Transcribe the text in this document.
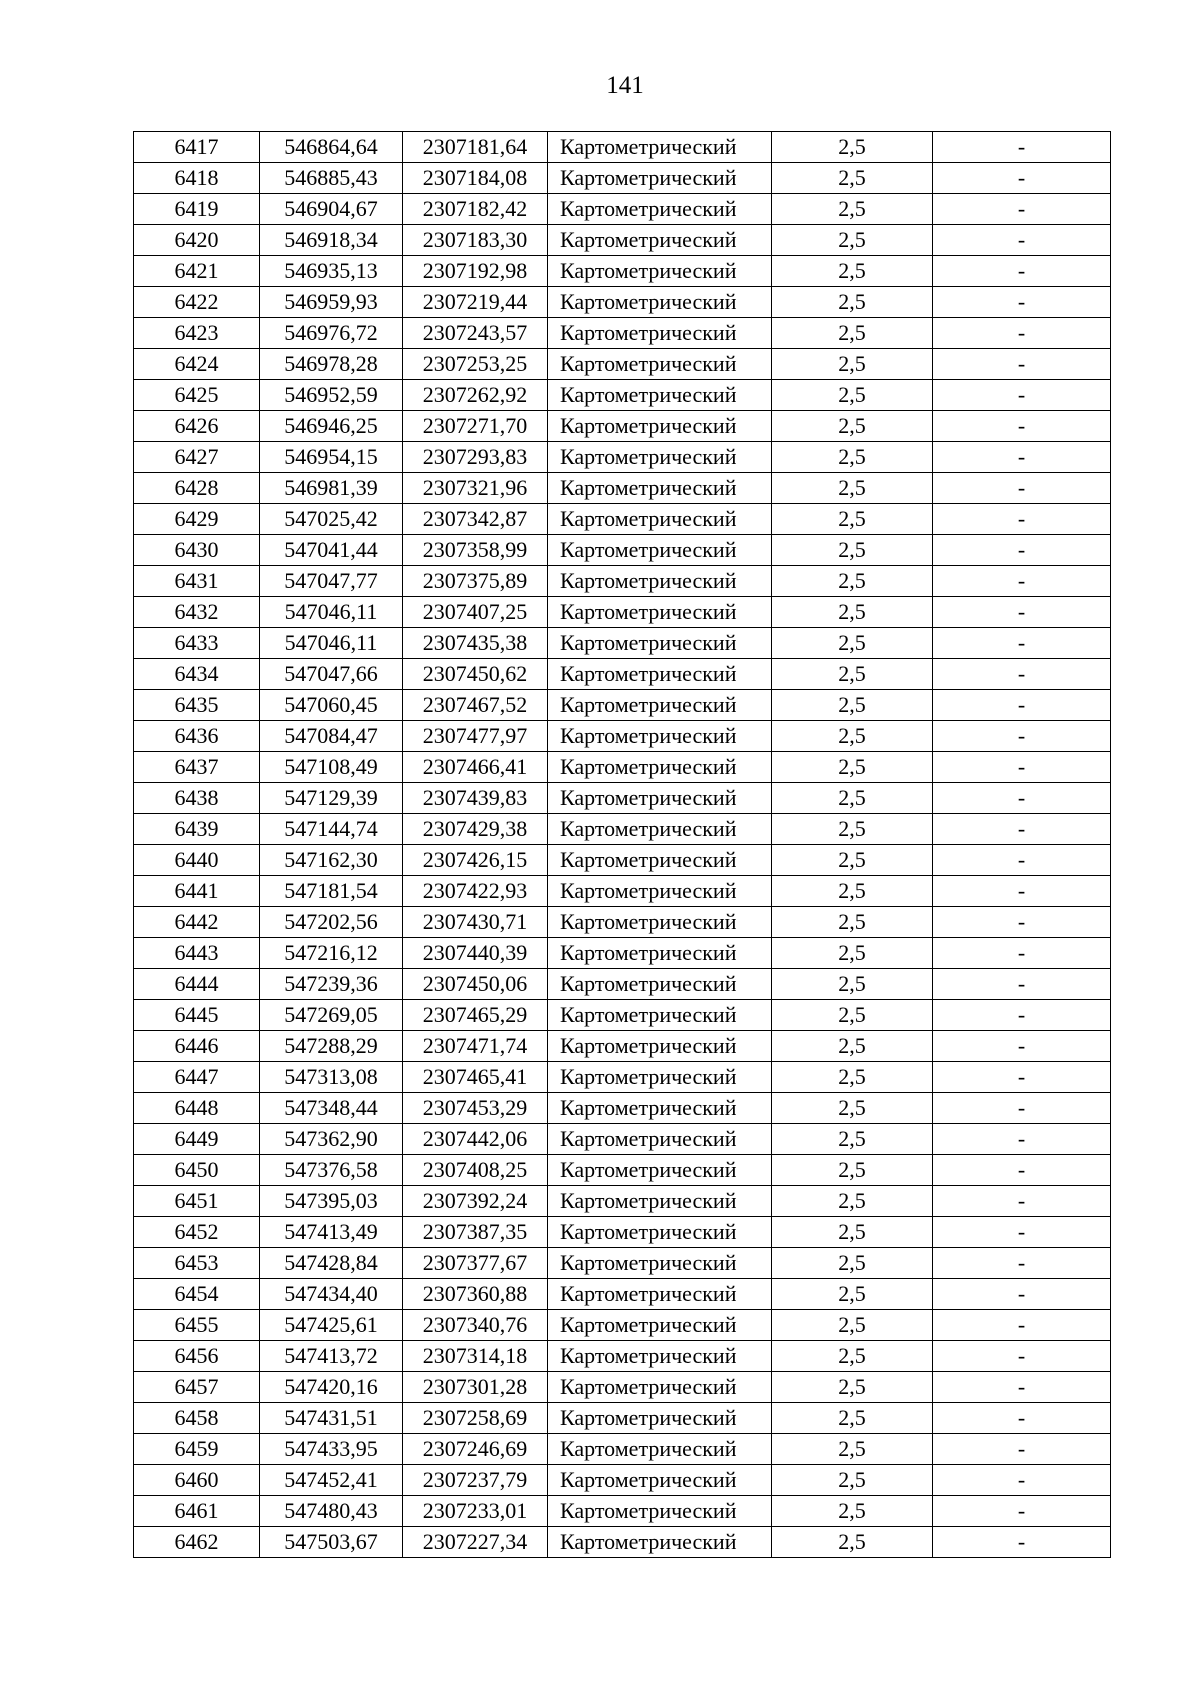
141
6417	546864,64	2307181,64	Картометрический	2,5	-
6418	546885,43	2307184,08	Картометрический	2,5	-
6419	546904,67	2307182,42	Картометрический	2,5	-
6420	546918,34	2307183,30	Картометрический	2,5	-
6421	546935,13	2307192,98	Картометрический	2,5	-
6422	546959,93	2307219,44	Картометрический	2,5	-
6423	546976,72	2307243,57	Картометрический	2,5	-
6424	546978,28	2307253,25	Картометрический	2,5	-
6425	546952,59	2307262,92	Картометрический	2,5	-
6426	546946,25	2307271,70	Картометрический	2,5	-
6427	546954,15	2307293,83	Картометрический	2,5	-
6428	546981,39	2307321,96	Картометрический	2,5	-
6429	547025,42	2307342,87	Картометрический	2,5	-
6430	547041,44	2307358,99	Картометрический	2,5	-
6431	547047,77	2307375,89	Картометрический	2,5	-
6432	547046,11	2307407,25	Картометрический	2,5	-
6433	547046,11	2307435,38	Картометрический	2,5	-
6434	547047,66	2307450,62	Картометрический	2,5	-
6435	547060,45	2307467,52	Картометрический	2,5	-
6436	547084,47	2307477,97	Картометрический	2,5	-
6437	547108,49	2307466,41	Картометрический	2,5	-
6438	547129,39	2307439,83	Картометрический	2,5	-
6439	547144,74	2307429,38	Картометрический	2,5	-
6440	547162,30	2307426,15	Картометрический	2,5	-
6441	547181,54	2307422,93	Картометрический	2,5	-
6442	547202,56	2307430,71	Картометрический	2,5	-
6443	547216,12	2307440,39	Картометрический	2,5	-
6444	547239,36	2307450,06	Картометрический	2,5	-
6445	547269,05	2307465,29	Картометрический	2,5	-
6446	547288,29	2307471,74	Картометрический	2,5	-
6447	547313,08	2307465,41	Картометрический	2,5	-
6448	547348,44	2307453,29	Картометрический	2,5	-
6449	547362,90	2307442,06	Картометрический	2,5	-
6450	547376,58	2307408,25	Картометрический	2,5	-
6451	547395,03	2307392,24	Картометрический	2,5	-
6452	547413,49	2307387,35	Картометрический	2,5	-
6453	547428,84	2307377,67	Картометрический	2,5	-
6454	547434,40	2307360,88	Картометрический	2,5	-
6455	547425,61	2307340,76	Картометрический	2,5	-
6456	547413,72	2307314,18	Картометрический	2,5	-
6457	547420,16	2307301,28	Картометрический	2,5	-
6458	547431,51	2307258,69	Картометрический	2,5	-
6459	547433,95	2307246,69	Картометрический	2,5	-
6460	547452,41	2307237,79	Картометрический	2,5	-
6461	547480,43	2307233,01	Картометрический	2,5	-
6462	547503,67	2307227,34	Картометрический	2,5	-
